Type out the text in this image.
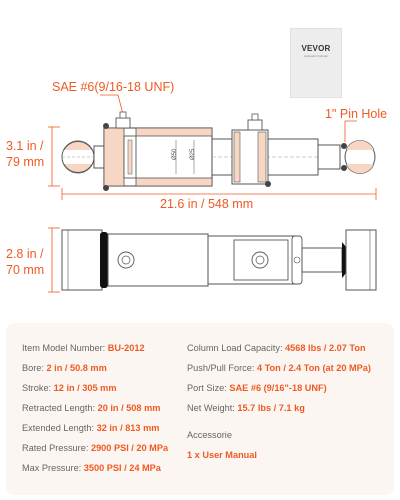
VEVOR
Hydraulic Cylinder
SAE #6(9/16-18 UNF)
1" Pin Hole
3.1 in /
79 mm
21.6 in / 548 mm
2.8 in /
70 mm
Ø50 Ø25
Item Model Number: BU-2012
Bore: 2 in / 50.8 mm
Stroke: 12 in / 305 mm
Retracted Length: 20 in / 508 mm
Extended Length: 32 in / 813 mm
Rated Pressure: 2900 PSI / 20 MPa
Max Pressure: 3500 PSI / 24 MPa
Column Load Capacity: 4568 lbs / 2.07 Ton
Push/Pull Force: 4 Ton / 2.4 Ton (at 20 MPa)
Port Size: SAE #6 (9/16"-18 UNF)
Net Weight: 15.7 lbs / 7.1 kg
Accessorie
1 x User Manual
